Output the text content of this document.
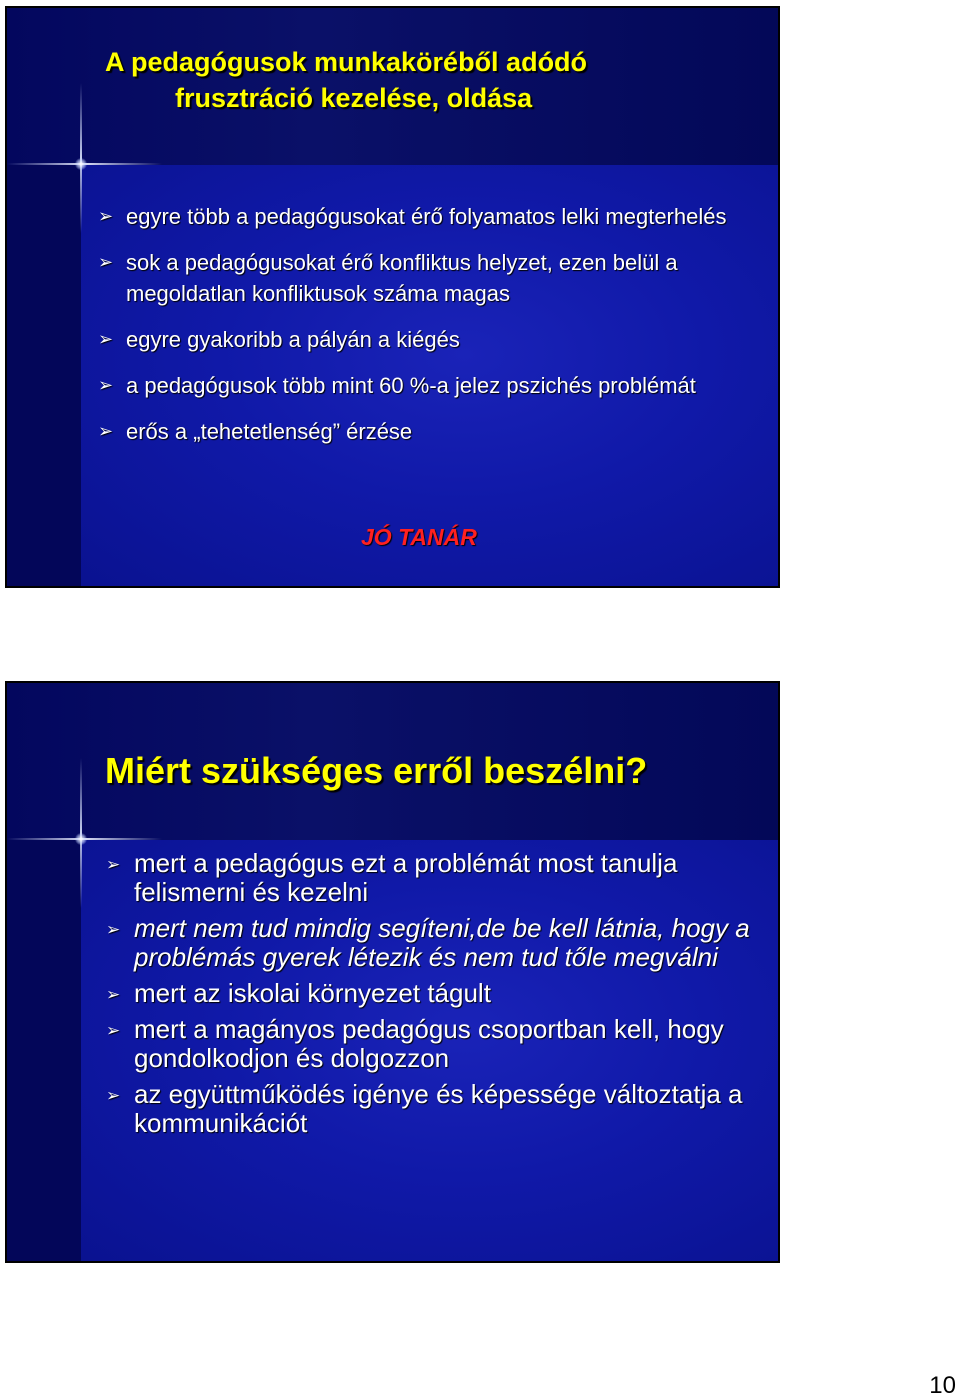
A pedagógusok munkaköréből adódó
frusztráció kezelése, oldása
➢ egyre több a pedagógusokat érő folyamatos lelki megterhelés
➢ sok a pedagógusokat érő konfliktus helyzet, ezen belül a megoldatlan konfliktusok száma magas
➢ egyre gyakoribb a pályán a kiégés
➢ a pedagógusok több mint 60 %-a jelez pszichés problémát
➢ erős a „tehetetlenség” érzése
JÓ TANÁR
Miért szükséges erről beszélni?
➢ mert a pedagógus ezt a problémát most tanulja felismerni és kezelni
➢ mert nem tud mindig segíteni,de be kell látnia, hogy a problémás gyerek létezik és nem tud tőle megválni
➢ mert az iskolai környezet tágult
➢ mert a magányos pedagógus csoportban kell, hogy gondolkodjon és dolgozzon
➢ az együttműködés igénye és képessége változtatja a kommunikációt
10
